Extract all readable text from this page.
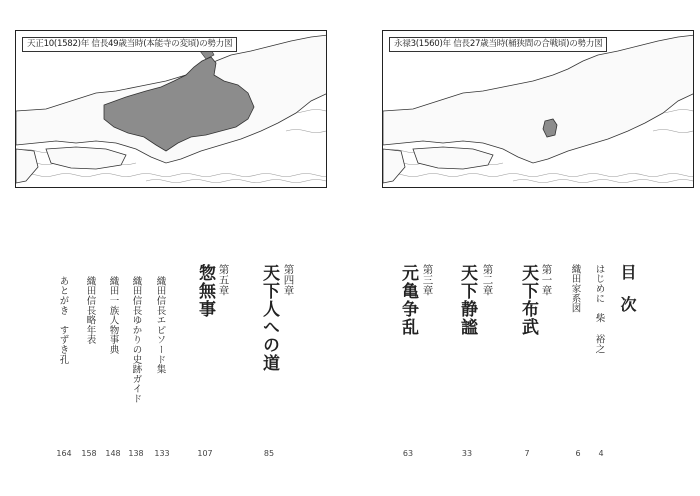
天正10(1582)年 信長49歳当時(本能寺の変頃)の勢力図	永禄3(1560)年 信長27歳当時(桶狭間の合戦頃)の勢力図
目　次
はじめに柴 裕之
織田家系図
第一章
天下布武
第二章
天下静謐
第三章
元亀争乱
第四章
天下人への道
第五章
惣無事
織田信長エピソード集
織田信長ゆかりの史跡ガイド
織田一族人物事典
織田信長略年表
あとがき　すずき孔
4
6
7
33
63
85
107
133
138
148
158
164
